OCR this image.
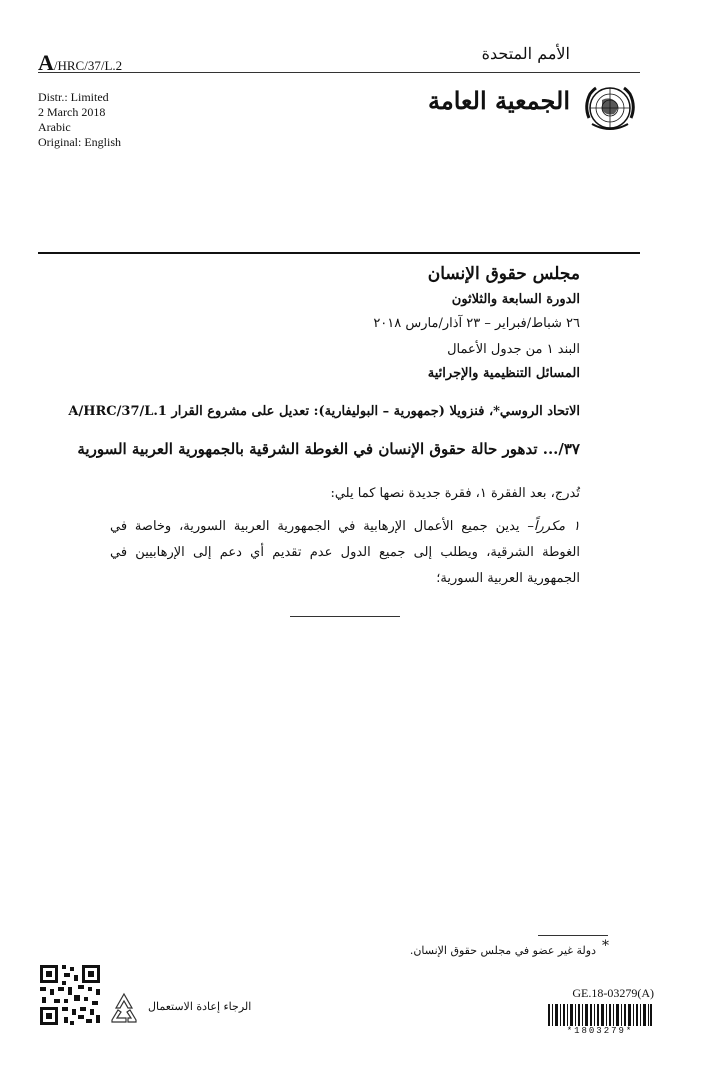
A/HRC/37/L.2
الأمم المتحدة
Distr.: Limited
2 March 2018
Arabic
Original: English
الجمعية العامة
مجلس حقوق الإنسان
الدورة السابعة والثلاثون
٢٦ شباط/فبراير – ٢٣ آذار/مارس ٢٠١٨
البند ١ من جدول الأعمال
المسائل التنظيمية والإجرائية
الاتحاد الروسي*، فنزويلا (جمهورية – البوليفارية): تعديل على مشروع القرار A/HRC/37/L.1
٣٧/... تدهور حالة حقوق الإنسان في الغوطة الشرقية بالجمهورية العربية السورية
تُدرج، بعد الفقرة ١، فقرة جديدة نصها كما يلي:
١ مكرراً– يدين جميع الأعمال الإرهابية في الجمهورية العربية السورية، وخاصة في الغوطة الشرقية، ويطلب إلى جميع الدول عدم تقديم أي دعم إلى الإرهابيين في الجمهورية العربية السورية؛
*
دولة غير عضو في مجلس حقوق الإنسان.
الرجاء إعادة الاستعمال
GE.18-03279(A)
*1803279*
